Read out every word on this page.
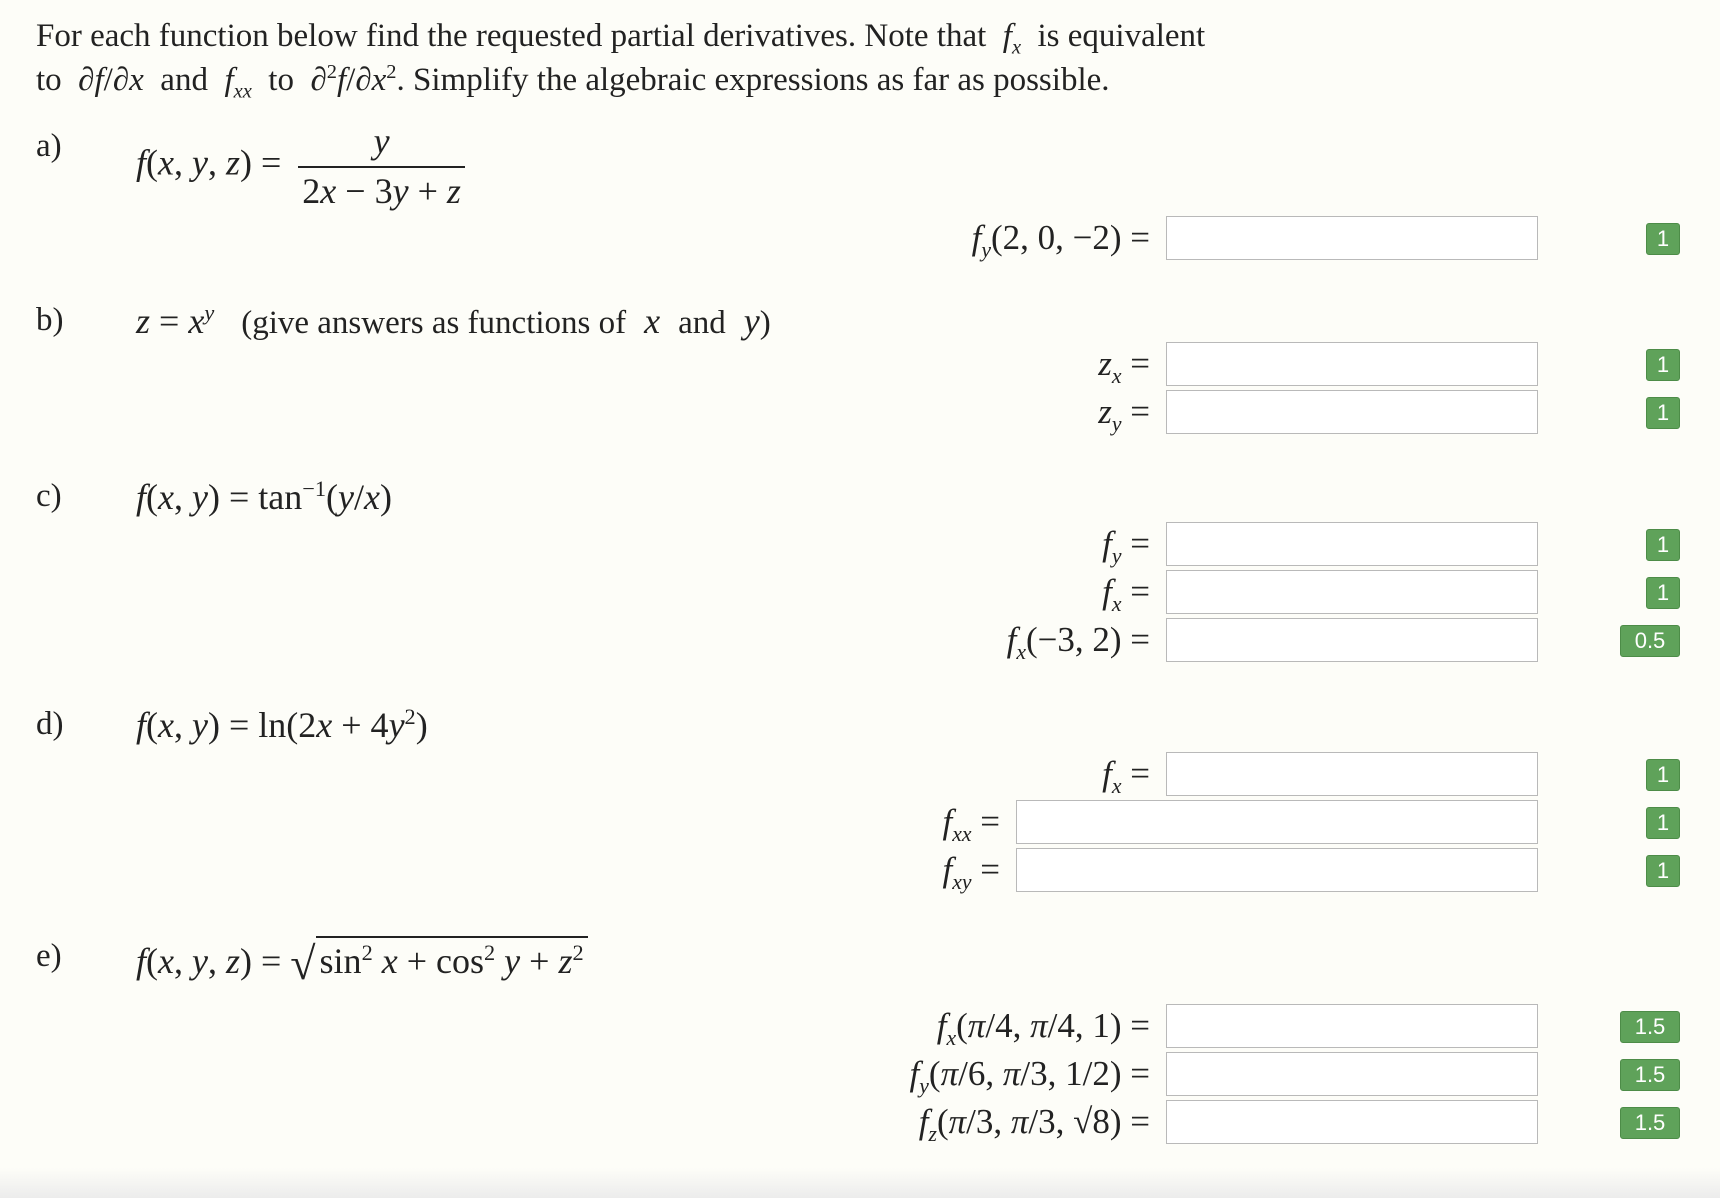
For each function below find the requested partial derivatives. Note that $f_x$ is equivalent
to ∂f/∂x and $f_{xx}$ to $\partial^2f/\partial x^2$. Simplify the algebraic expressions as far as possible.
a) f(x, y, $z) = \frac{y}{2x - 3y + z}$
b) $z = x^y$ (give answers as functions of x and y)
c) f(x, $y) = \tan^{-1}(y/x)$
d) f(x, $y) = \ln(2x + 4y^2)$
e) f(x, y, z) = √ $\sin^2 x + \cos^2 y + z^2$
$f_y(2$, 0, −2) =	1
$z_x$ =	1
$z_y$ =	1
$f_y$ =	1
$f_x$ =	1
$f_x(-3$, 2) =	0.5
$f_x$ =	1
$f_{xx}$ =	1
$f_{xy}$ =	1
$f_x(\pi/4$, π/4, 1) =	1.5
$f_y(\pi/6$, π/3, 1/2) =	1.5
$f_z(\pi/3$, π/3, √8) =	1.5
